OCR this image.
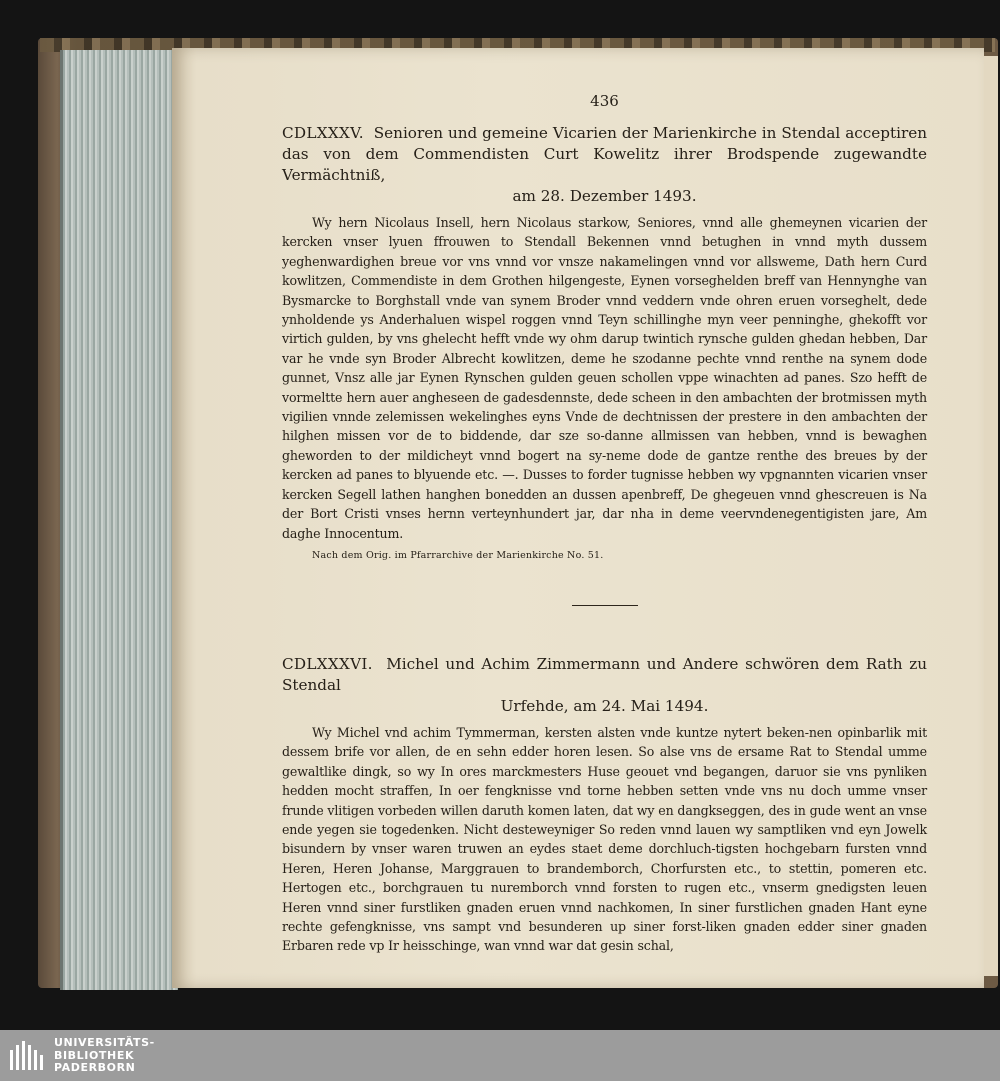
436
CDLXXXV. Senioren und gemeine Vicarien der Marienkirche in Stendal acceptiren das von dem Commendisten Curt Kowelitz ihrer Brodspende zugewandte Vermächtniß,
am 28. Dezember 1493.

Wy hern Nicolaus Insell, hern Nicolaus starkow, Seniores, vnnd alle ghemeynen vicarien der kercken vnser lyuen ffrouwen to Stendall Bekennen vnnd betughen in vnnd myth dussem yeghenwardighen breue vor vns vnnd vor vnsze nakamelingen vnnd vor allsweme, Dath hern Curd kowlitzen, Commendiste in dem Grothen hilgengeste, Eynen vorseghelden breff van Hennynghe van Bysmarcke to Borghstall vnde van synem Broder vnnd veddern vnde ohren eruen vorseghelt, dede ynholdende ys Anderhaluen wispel roggen vnnd Teyn schillinghe myn veer penninghe, ghekofft vor virtich gulden, by vns ghelecht hefft vnde wy ohm darup twintich rynsche gulden ghedan hebben, Dar var he vnde syn Broder Albrecht kowlitzen, deme he szodanne pechte vnnd renthe na synem dode gunnet, Vnsz alle jar Eynen Rynschen gulden geuen schollen vppe winachten ad panes. Szo hefft de vormeltte hern auer anghesеen de gadesdennste, dede scheen in den ambachten der brotmissen myth vigilien vnnde zelemissen wekelinghes eyns Vnde de dechtnissen der prestere in den ambachten der hilghen missen vor de to biddende, dar sze so-danne allmissen van hebben, vnnd is bewaghen gheworden to der mildicheyt vnnd bogert na sy-neme dode de gantze renthe des breues by der kercken ad panes to blyuende etc. —. Dusses to forder tugnisse hebben wy vpgnannten vicarien vnser kercken Segell lathen hanghen bonedden an dussen apenbreff, De ghegeuen vnnd ghescreuen is Na der Bort Cristi vnses hernn verteynhundert jar, dar nha in deme veervndenegentigisten jare, Am daghe Innocentum.

Nach dem Orig. im Pfarrarchive der Marienkirche No. 51.
CDLXXXVI. Michel und Achim Zimmermann und Andere schwören dem Rath zu Stendal
Urfehde, am 24. Mai 1494.

Wy Michel vnd achim Tymmerman, kersten alsten vnde kuntze nytert beken-nen opinbarlik mit dessem brife vor allen, de en sehn edder horen lesen. So alse vns de ersame Rat to Stendal umme gewaltlike dingk, so wy In ores marckmesters Huse geouet vnd begangen, daruor sie vns pynliken hedden mocht straffen, In oer fengknisse vnd torne hebben setten vnde vns nu doch umme vnser frunde vlitigen vorbeden willen daruth komen laten, dat wy en dangkseggen, des in gude went an vnse ende yegen sie togedenken. Nicht desteweyniger So reden vnnd lauen wy samptliken vnd eyn Jowelk bisundern by vnser waren truwen an eydes staet deme dorchluch-tigsten hochgebarn fursten vnnd Heren, Heren Johanse, Marggrauen to brandemborch, Chorfursten etc., to stettin, pomeren etc. Hertogen etc., borchgrauen tu nuremborch vnnd forsten to rugen etc., vnserm gnedigsten leuen Heren vnnd siner furstliken gnaden eruen vnnd nachkomen, In siner furstlichen gnaden Hant eyne rechte gefengknisse, vns sampt vnd besunderen up siner forst-liken gnaden edder siner gnaden Erbaren rede vp Ir heisschinge, wan vnnd war dat gesin schal,

UNIVERSITÄTS-
BIBLIOTHEK
PADERBORN
